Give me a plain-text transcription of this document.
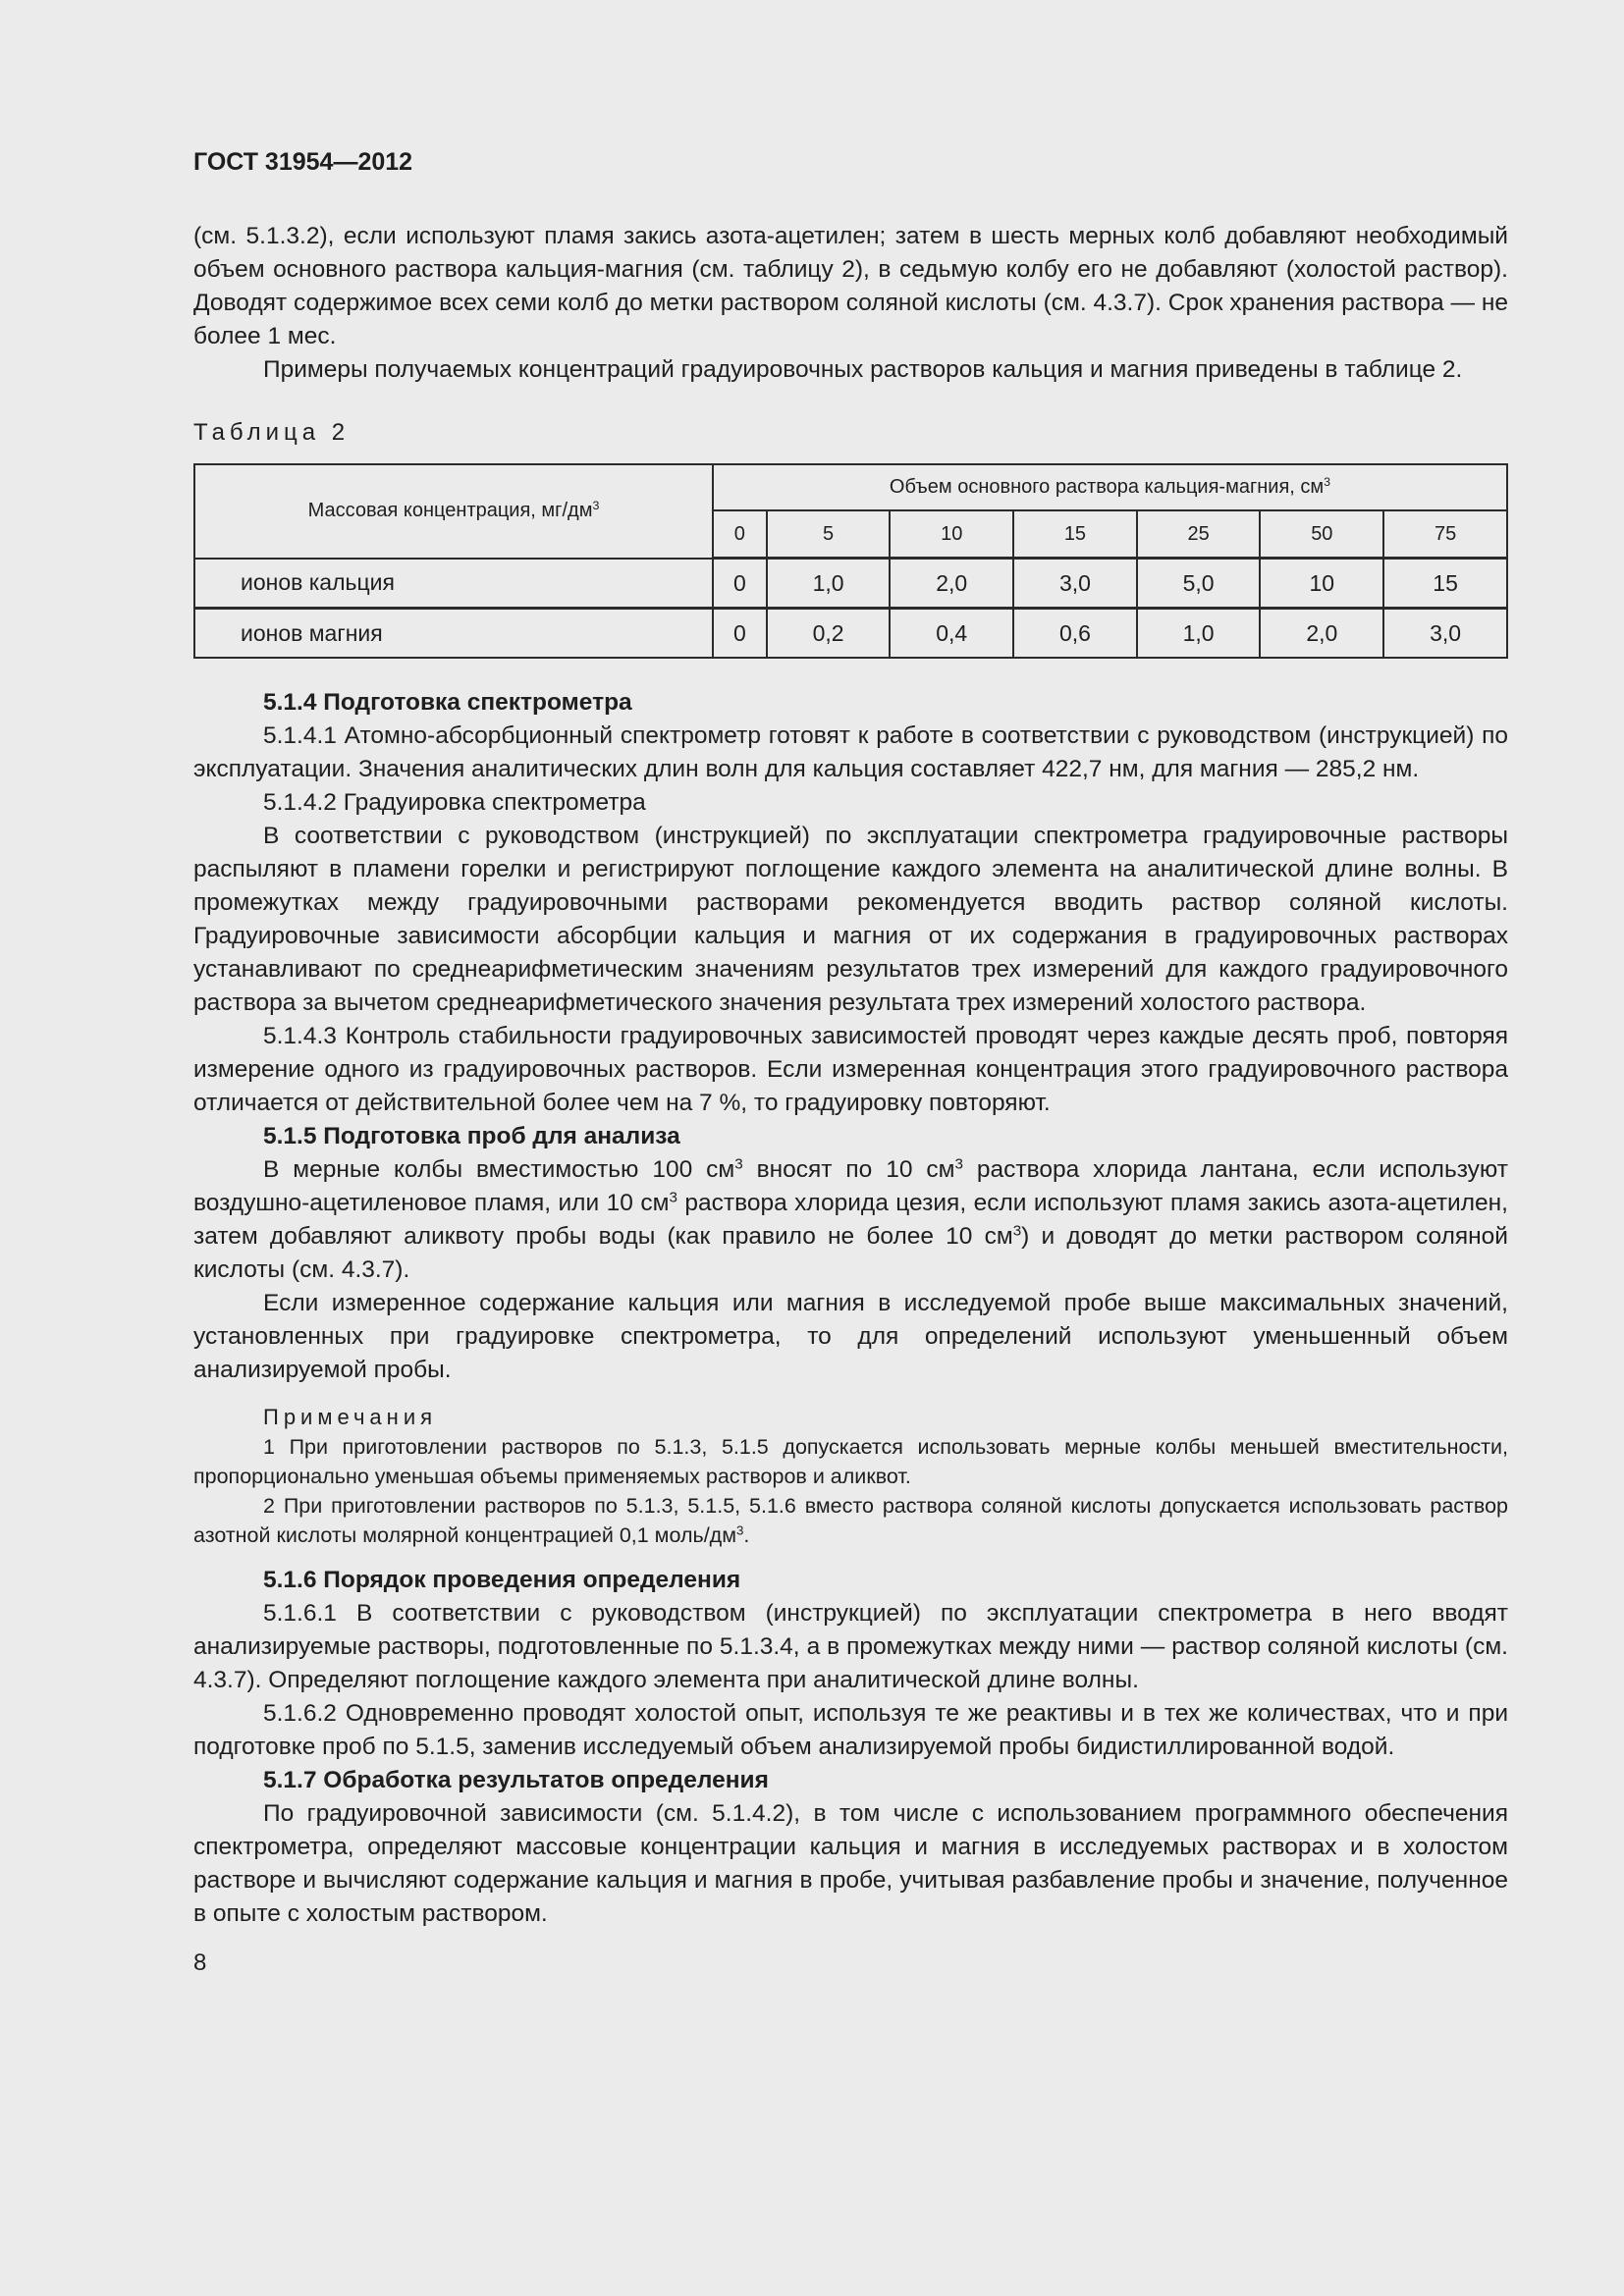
ГОСТ 31954—2012

(см. 5.1.3.2), если используют пламя закись азота-ацетилен; затем в шесть мерных колб добавляют необходимый объем основного раствора кальция-магния (см. таблицу 2), в седьмую колбу его не добавляют (холостой раствор). Доводят содержимое всех семи колб до метки раствором соляной кислоты (см. 4.3.7). Срок хранения раствора — не более 1 мес.

Примеры получаемых концентраций градуировочных растворов кальция и магния приведены в таблице 2.

Таблица 2
Массовая концентрация, $мг/дм^3$	Объем основного раствора кальция-магния, $см^3$
	0	5	10	15	25	50	75
ионов кальция	0	1,0	2,0	3,0	5,0	10	15
ионов магния	0	0,2	0,4	0,6	1,0	2,0	3,0

5.1.4 Подготовка спектрометра

5.1.4.1 Атомно-абсорбционный спектрометр готовят к работе в соответствии с руководством (инструкцией) по эксплуатации. Значения аналитических длин волн для кальция составляет 422,7 нм, для магния — 285,2 нм.

5.1.4.2 Градуировка спектрометра

В соответствии с руководством (инструкцией) по эксплуатации спектрометра градуировочные растворы распыляют в пламени горелки и регистрируют поглощение каждого элемента на аналитической длине волны. В промежутках между градуировочными растворами рекомендуется вводить раствор соляной кислоты. Градуировочные зависимости абсорбции кальция и магния от их содержания в градуировочных растворах устанавливают по среднеарифметическим значениям результатов трех измерений для каждого градуировочного раствора за вычетом среднеарифметического значения результата трех измерений холостого раствора.

5.1.4.3 Контроль стабильности градуировочных зависимостей проводят через каждые десять проб, повторяя измерение одного из градуировочных растворов. Если измеренная концентрация этого градуировочного раствора отличается от действительной более чем на 7 %, то градуировку повторяют.

5.1.5 Подготовка проб для анализа

В мерные колбы вместимостью 100 $см^3$ вносят по 10 $см^3$ раствора хлорида лантана, если используют воздушно-ацетиленовое пламя, или 10 $см^3$ раствора хлорида цезия, если используют пламя закись азота-ацетилен, затем добавляют аликвоту пробы воды (как правило не более 10 $см^3$) и доводят до метки раствором соляной кислоты (см. 4.3.7).

Если измеренное содержание кальция или магния в исследуемой пробе выше максимальных значений, установленных при градуировке спектрометра, то для определений используют уменьшенный объем анализируемой пробы.

Примечания

1 При приготовлении растворов по 5.1.3, 5.1.5 допускается использовать мерные колбы меньшей вместительности, пропорционально уменьшая объемы применяемых растворов и аликвот.

2 При приготовлении растворов по 5.1.3, 5.1.5, 5.1.6 вместо раствора соляной кислоты допускается использовать раствор азотной кислоты молярной концентрацией 0,1 моль/$дм^3$.

5.1.6 Порядок проведения определения

5.1.6.1 В соответствии с руководством (инструкцией) по эксплуатации спектрометра в него вводят анализируемые растворы, подготовленные по 5.1.3.4, а в промежутках между ними — раствор соляной кислоты (см. 4.3.7). Определяют поглощение каждого элемента при аналитической длине волны.

5.1.6.2 Одновременно проводят холостой опыт, используя те же реактивы и в тех же количествах, что и при подготовке проб по 5.1.5, заменив исследуемый объем анализируемой пробы бидистиллированной водой.

5.1.7 Обработка результатов определения

По градуировочной зависимости (см. 5.1.4.2), в том числе с использованием программного обеспечения спектрометра, определяют массовые концентрации кальция и магния в исследуемых растворах и в холостом растворе и вычисляют содержание кальция и магния в пробе, учитывая разбавление пробы и значение, полученное в опыте с холостым раствором.

8
